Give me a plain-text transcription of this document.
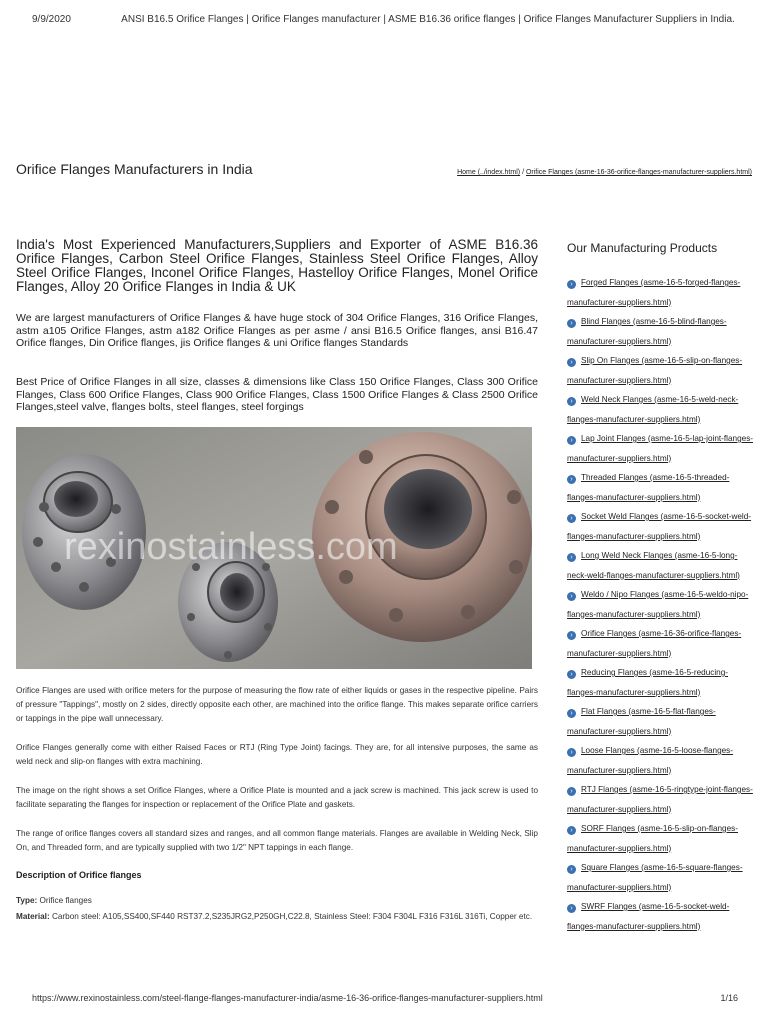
9/9/2020	ANSI B16.5 Orifice Flanges | Orifice Flanges manufacturer | ASME B16.36 orifice flanges | Orifice Flanges Manufacturer Suppliers in India.
Orifice Flanges Manufacturers in India	Home (../index.html) / Orifice Flanges (asme-16-36-orifice-flanges-manufacturer-suppliers.html)
India's Most Experienced Manufacturers,Suppliers and Exporter of ASME B16.36 Orifice Flanges, Carbon Steel Orifice Flanges, Stainless Steel Orifice Flanges, Alloy Steel Orifice Flanges, Inconel Orifice Flanges, Hastelloy Orifice Flanges, Monel Orifice Flanges, Alloy 20 Orifice Flanges in India & UK

We are largest manufacturers of Orifice Flanges & have huge stock of 304 Orifice Flanges, 316 Orifice Flanges, astm a105 Orifice Flanges, astm a182 Orifice Flanges as per asme / ansi B16.5 Orifice flanges, ansi B16.47 Orifice flanges, Din Orifice flanges, jis Orifice flanges & uni Orifice flanges Standards

Best Price of Orifice Flanges in all size, classes & dimensions like Class 150 Orifice Flanges, Class 300 Orifice Flanges, Class 600 Orifice Flanges, Class 900 Orifice Flanges, Class 1500 Orifice Flanges & Class 2500 Orifice Flanges,steel valve, flanges bolts, steel flanges, steel forgings

rexinostainless.com

Orifice Flanges are used with orifice meters for the purpose of measuring the flow rate of either liquids or gases in the respective pipeline. Pairs of pressure "Tappings", mostly on 2 sides, directly opposite each other, are machined into the orifice flange. This makes separate orifice carriers or tappings in the pipe wall unnecessary.

Orifice Flanges generally come with either Raised Faces or RTJ (Ring Type Joint) facings. They are, for all intensive purposes, the same as weld neck and slip-on flanges with extra machining.

The image on the right shows a set Orifice Flanges, where a Orifice Plate is mounted and a jack screw is machined. This jack screw is used to facilitate separating the flanges for inspection or replacement of the Orifice Plate and gaskets.

The range of orifice flanges covers all standard sizes and ranges, and all common flange materials. Flanges are available in Welding Neck, Slip On, and Threaded form, and are typically supplied with two 1/2" NPT tappings in each flange.

Description of Orifice flanges
Type: Orifice flanges
Material: Carbon steel: A105,SS400,SF440 RST37.2,S235JRG2,P250GH,C22.8, Stainless Steel: F304 F304L F316 F316L 316Ti, Copper etc.
Our Manufacturing Products
› Forged Flanges (asme-16-5-forged-flanges-manufacturer-suppliers.html)
› Blind Flanges (asme-16-5-blind-flanges-manufacturer-suppliers.html)
› Slip On Flanges (asme-16-5-slip-on-flanges-manufacturer-suppliers.html)
› Weld Neck Flanges (asme-16-5-weld-neck-flanges-manufacturer-suppliers.html)
› Lap Joint Flanges (asme-16-5-lap-joint-flanges-manufacturer-suppliers.html)
› Threaded Flanges (asme-16-5-threaded-flanges-manufacturer-suppliers.html)
› Socket Weld Flanges (asme-16-5-socket-weld-flanges-manufacturer-suppliers.html)
› Long Weld Neck Flanges (asme-16-5-long-neck-weld-flanges-manufacturer-suppliers.html)
› Weldo / Nipo Flanges (asme-16-5-weldo-nipo-flanges-manufacturer-suppliers.html)
› Orifice Flanges (asme-16-36-orifice-flanges-manufacturer-suppliers.html)
› Reducing Flanges (asme-16-5-reducing-flanges-manufacturer-suppliers.html)
› Flat Flanges (asme-16-5-flat-flanges-manufacturer-suppliers.html)
› Loose Flanges (asme-16-5-loose-flanges-manufacturer-suppliers.html)
› RTJ Flanges (asme-16-5-ringtype-joint-flanges-manufacturer-suppliers.html)
› SORF Flanges (asme-16-5-slip-on-flanges-manufacturer-suppliers.html)
› Square Flanges (asme-16-5-square-flanges-manufacturer-suppliers.html)
› SWRF Flanges (asme-16-5-socket-weld-flanges-manufacturer-suppliers.html)
https://www.rexinostainless.com/steel-flange-flanges-manufacturer-india/asme-16-36-orifice-flanges-manufacturer-suppliers.html	1/16
